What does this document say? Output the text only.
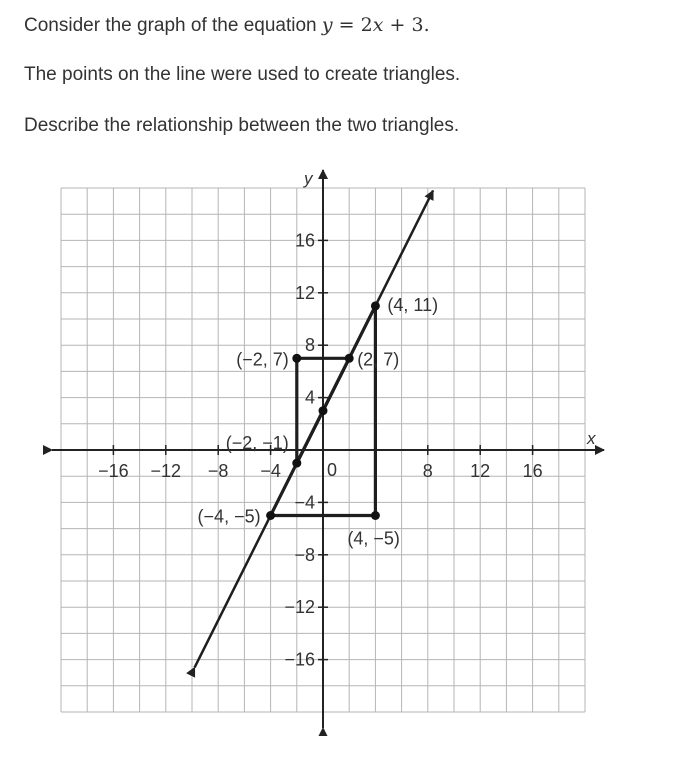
Consider the graph of the equation y = 2x + 3.

The points on the line were used to create triangles.

Describe the relationship between the two triangles.

x
y
−16 −12 −8 −4	8 12 16
16
12
8
4
−4
−8
−12
−16
0
(−2, −1)
(−2, 7)	(2, 7)
(4, 11)
(−4, −5)
(4, −5)
